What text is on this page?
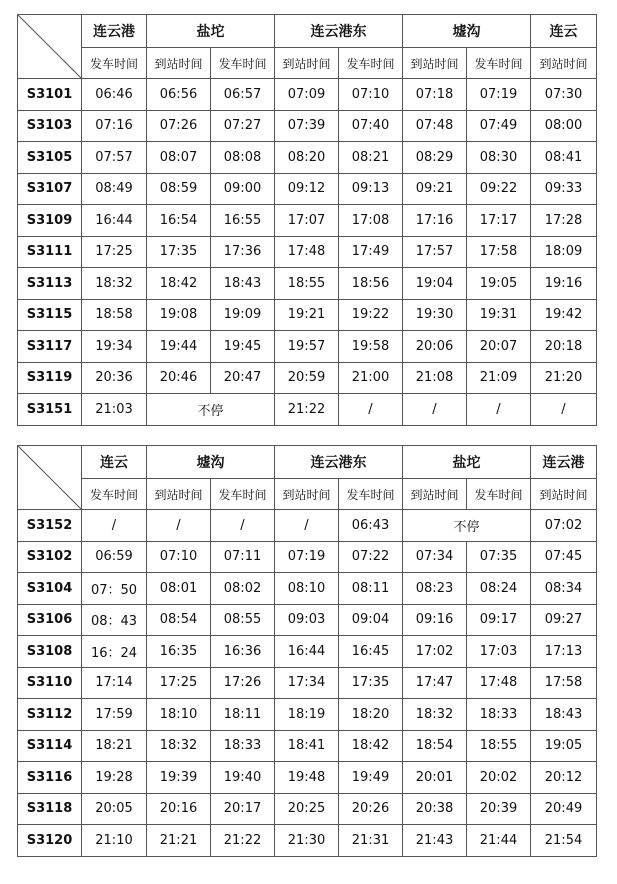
	连云港	盐坨		连云港东		墟沟		连云
	发车时间	到站时间	发车时间	到站时间	发车时间	到站时间	发车时间	到站时间
S3101	06:46	06:56	06:57	07:09	07:10	07:18	07:19	07:30
S3103	07:16	07:26	07:27	07:39	07:40	07:48	07:49	08:00
S3105	07:57	08:07	08:08	08:20	08:21	08:29	08:30	08:41
S3107	08:49	08:59	09:00	09:12	09:13	09:21	09:22	09:33
S3109	16:44	16:54	16:55	17:07	17:08	17:16	17:17	17:28
S3111	17:25	17:35	17:36	17:48	17:49	17:57	17:58	18:09
S3113	18:32	18:42	18:43	18:55	18:56	19:04	19:05	19:16
S3115	18:58	19:08	19:09	19:21	19:22	19:30	19:31	19:42
S3117	19:34	19:44	19:45	19:57	19:58	20:06	20:07	20:18
S3119	20:36	20:46	20:47	20:59	21:00	21:08	21:09	21:20
S3151	21:03	不停		21:22	/	/	/	/
	连云	墟沟		连云港东		盐坨		连云港
	发车时间	到站时间	发车时间	到站时间	发车时间	到站时间	发车时间	到站时间
S3152	/	/	/	/	06:43	不停		07:02
S3102	06:59	07:10	07:11	07:19	07:22	07:34	07:35	07:45
S3104	07：50	08:01	08:02	08:10	08:11	08:23	08:24	08:34
S3106	08：43	08:54	08:55	09:03	09:04	09:16	09:17	09:27
S3108	16：24	16:35	16:36	16:44	16:45	17:02	17:03	17:13
S3110	17:14	17:25	17:26	17:34	17:35	17:47	17:48	17:58
S3112	17:59	18:10	18:11	18:19	18:20	18:32	18:33	18:43
S3114	18:21	18:32	18:33	18:41	18:42	18:54	18:55	19:05
S3116	19:28	19:39	19:40	19:48	19:49	20:01	20:02	20:12
S3118	20:05	20:16	20:17	20:25	20:26	20:38	20:39	20:49
S3120	21:10	21:21	21:22	21:30	21:31	21:43	21:44	21:54
